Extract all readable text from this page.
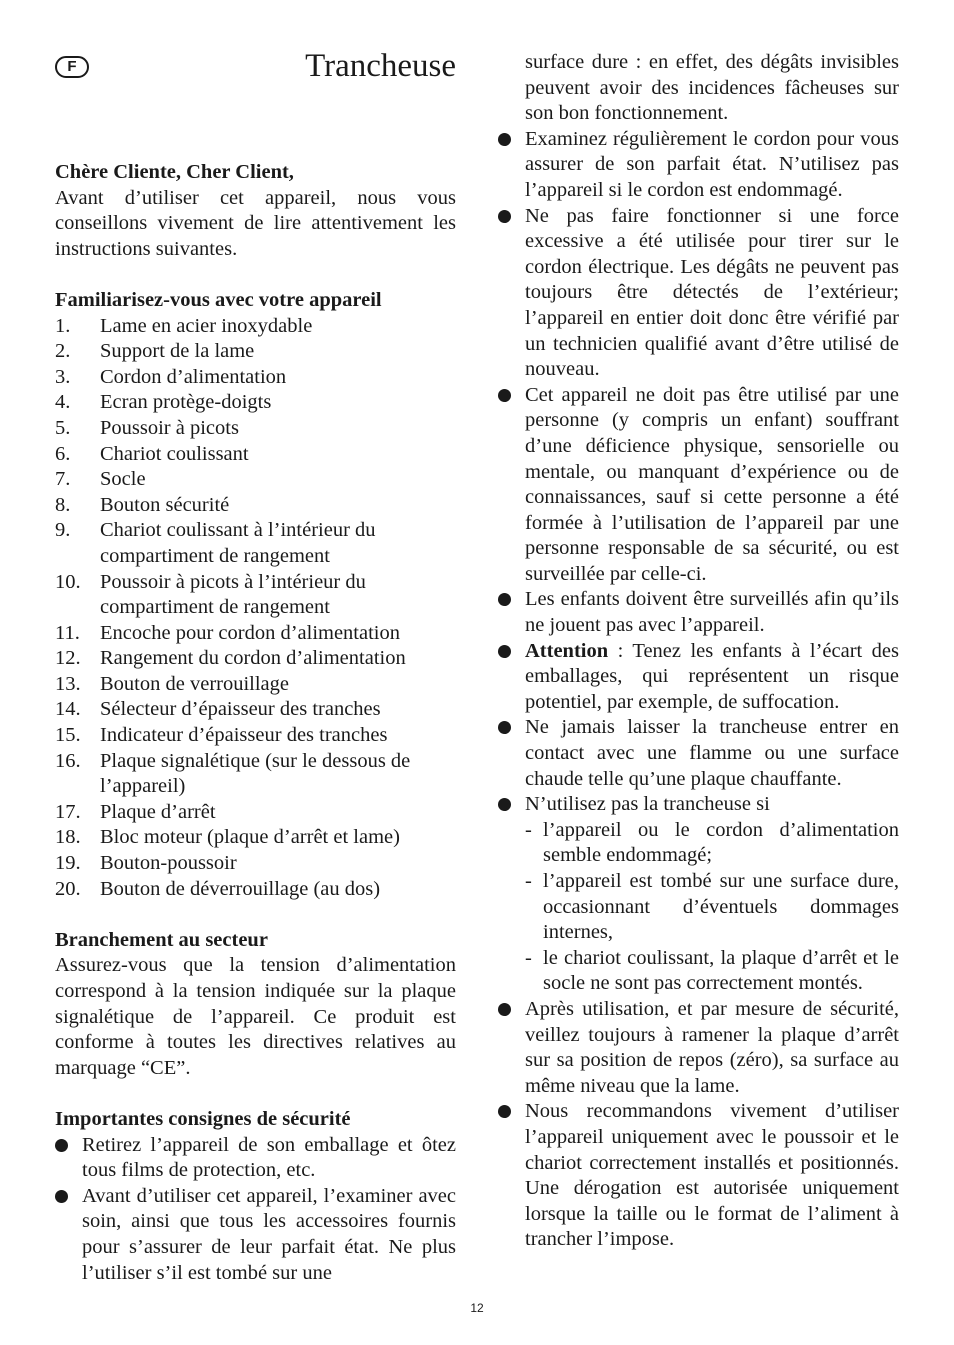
F	Trancheuse
Chère Cliente, Cher Client,
Avant d’utiliser cet appareil, nous vous conseillons vivement de lire attentivement les instructions suivantes.
Familiarisez-vous avec votre appareil
1.	Lame en acier inoxydable
2.	Support de la lame
3.	Cordon d’alimentation
4.	Ecran protège-doigts
5.	Poussoir à picots
6.	Chariot coulissant
7.	Socle
8.	Bouton sécurité
9.	Chariot coulissant à l’intérieur du compartiment de rangement
10. Poussoir à picots à l’intérieur du compartiment de rangement
11. Encoche pour cordon d’alimentation
12. Rangement du cordon d’alimentation
13. Bouton de verrouillage
14. Sélecteur d’épaisseur des tranches
15. Indicateur d’épaisseur des tranches
16. Plaque signalétique (sur le dessous de l’appareil)
17. Plaque d’arrêt
18. Bloc moteur (plaque d’arrêt et lame)
19. Bouton-poussoir
20. Bouton de déverrouillage (au dos)
Branchement au secteur
Assurez-vous que la tension d’alimentation correspond à la tension indiquée sur la plaque signalétique de l’appareil. Ce produit est conforme à toutes les directives relatives au marquage “CE”.
Importantes consignes de sécurité
Retirez l’appareil de son emballage et ôtez tous films de protection, etc.
Avant d’utiliser cet appareil, l’examiner avec soin, ainsi que tous les accessoires fournis pour s’assurer de leur parfait état. Ne plus l’utiliser s’il est tombé sur une
surface dure : en effet, des dégâts invisibles peuvent avoir des incidences fâcheuses sur son bon fonctionnement.
Examinez régulièrement le cordon pour vous assurer de son parfait état. N’utilisez pas l’appareil si le cordon est endommagé.
Ne pas faire fonctionner si une force excessive a été utilisée pour tirer sur le cordon électrique. Les dégâts ne peuvent pas toujours être détectés de l’extérieur; l’appareil en entier doit donc être vérifié par un technicien qualifié avant d’être utilisé de nouveau.
Cet appareil ne doit pas être utilisé par une personne (y compris un enfant) souffrant d’une déficience physique, sensorielle ou mentale, ou manquant d’expérience ou de connaissances, sauf si cette personne a été formée à l’utilisation de l’appareil par une personne responsable de sa sécurité, ou est surveillée par celle-ci.
Les enfants doivent être surveillés afin qu’ils ne jouent pas avec l’appareil.
Attention : Tenez les enfants à l’écart des emballages, qui représentent un risque potentiel, par exemple, de suffocation.
Ne jamais laisser la trancheuse entrer en contact avec une flamme ou une surface chaude telle qu’une plaque chauffante.
N’utilisez pas la trancheuse si
- l’appareil ou le cordon d’alimentation semble endommagé;
- l’appareil est tombé sur une surface dure, occasionnant d’éventuels dommages internes,
- le chariot coulissant, la plaque d’arrêt et le socle ne sont pas correctement montés.
Après utilisation, et par mesure de sécurité, veillez toujours à ramener la plaque d’arrêt sur sa position de repos (zéro), sa surface au même niveau que la lame.
Nous recommandons vivement d’utiliser l’appareil uniquement avec le poussoir et le chariot correctement installés et positionnés. Une dérogation est autorisée uniquement lorsque la taille ou le format de l’aliment à trancher l’impose.
12
